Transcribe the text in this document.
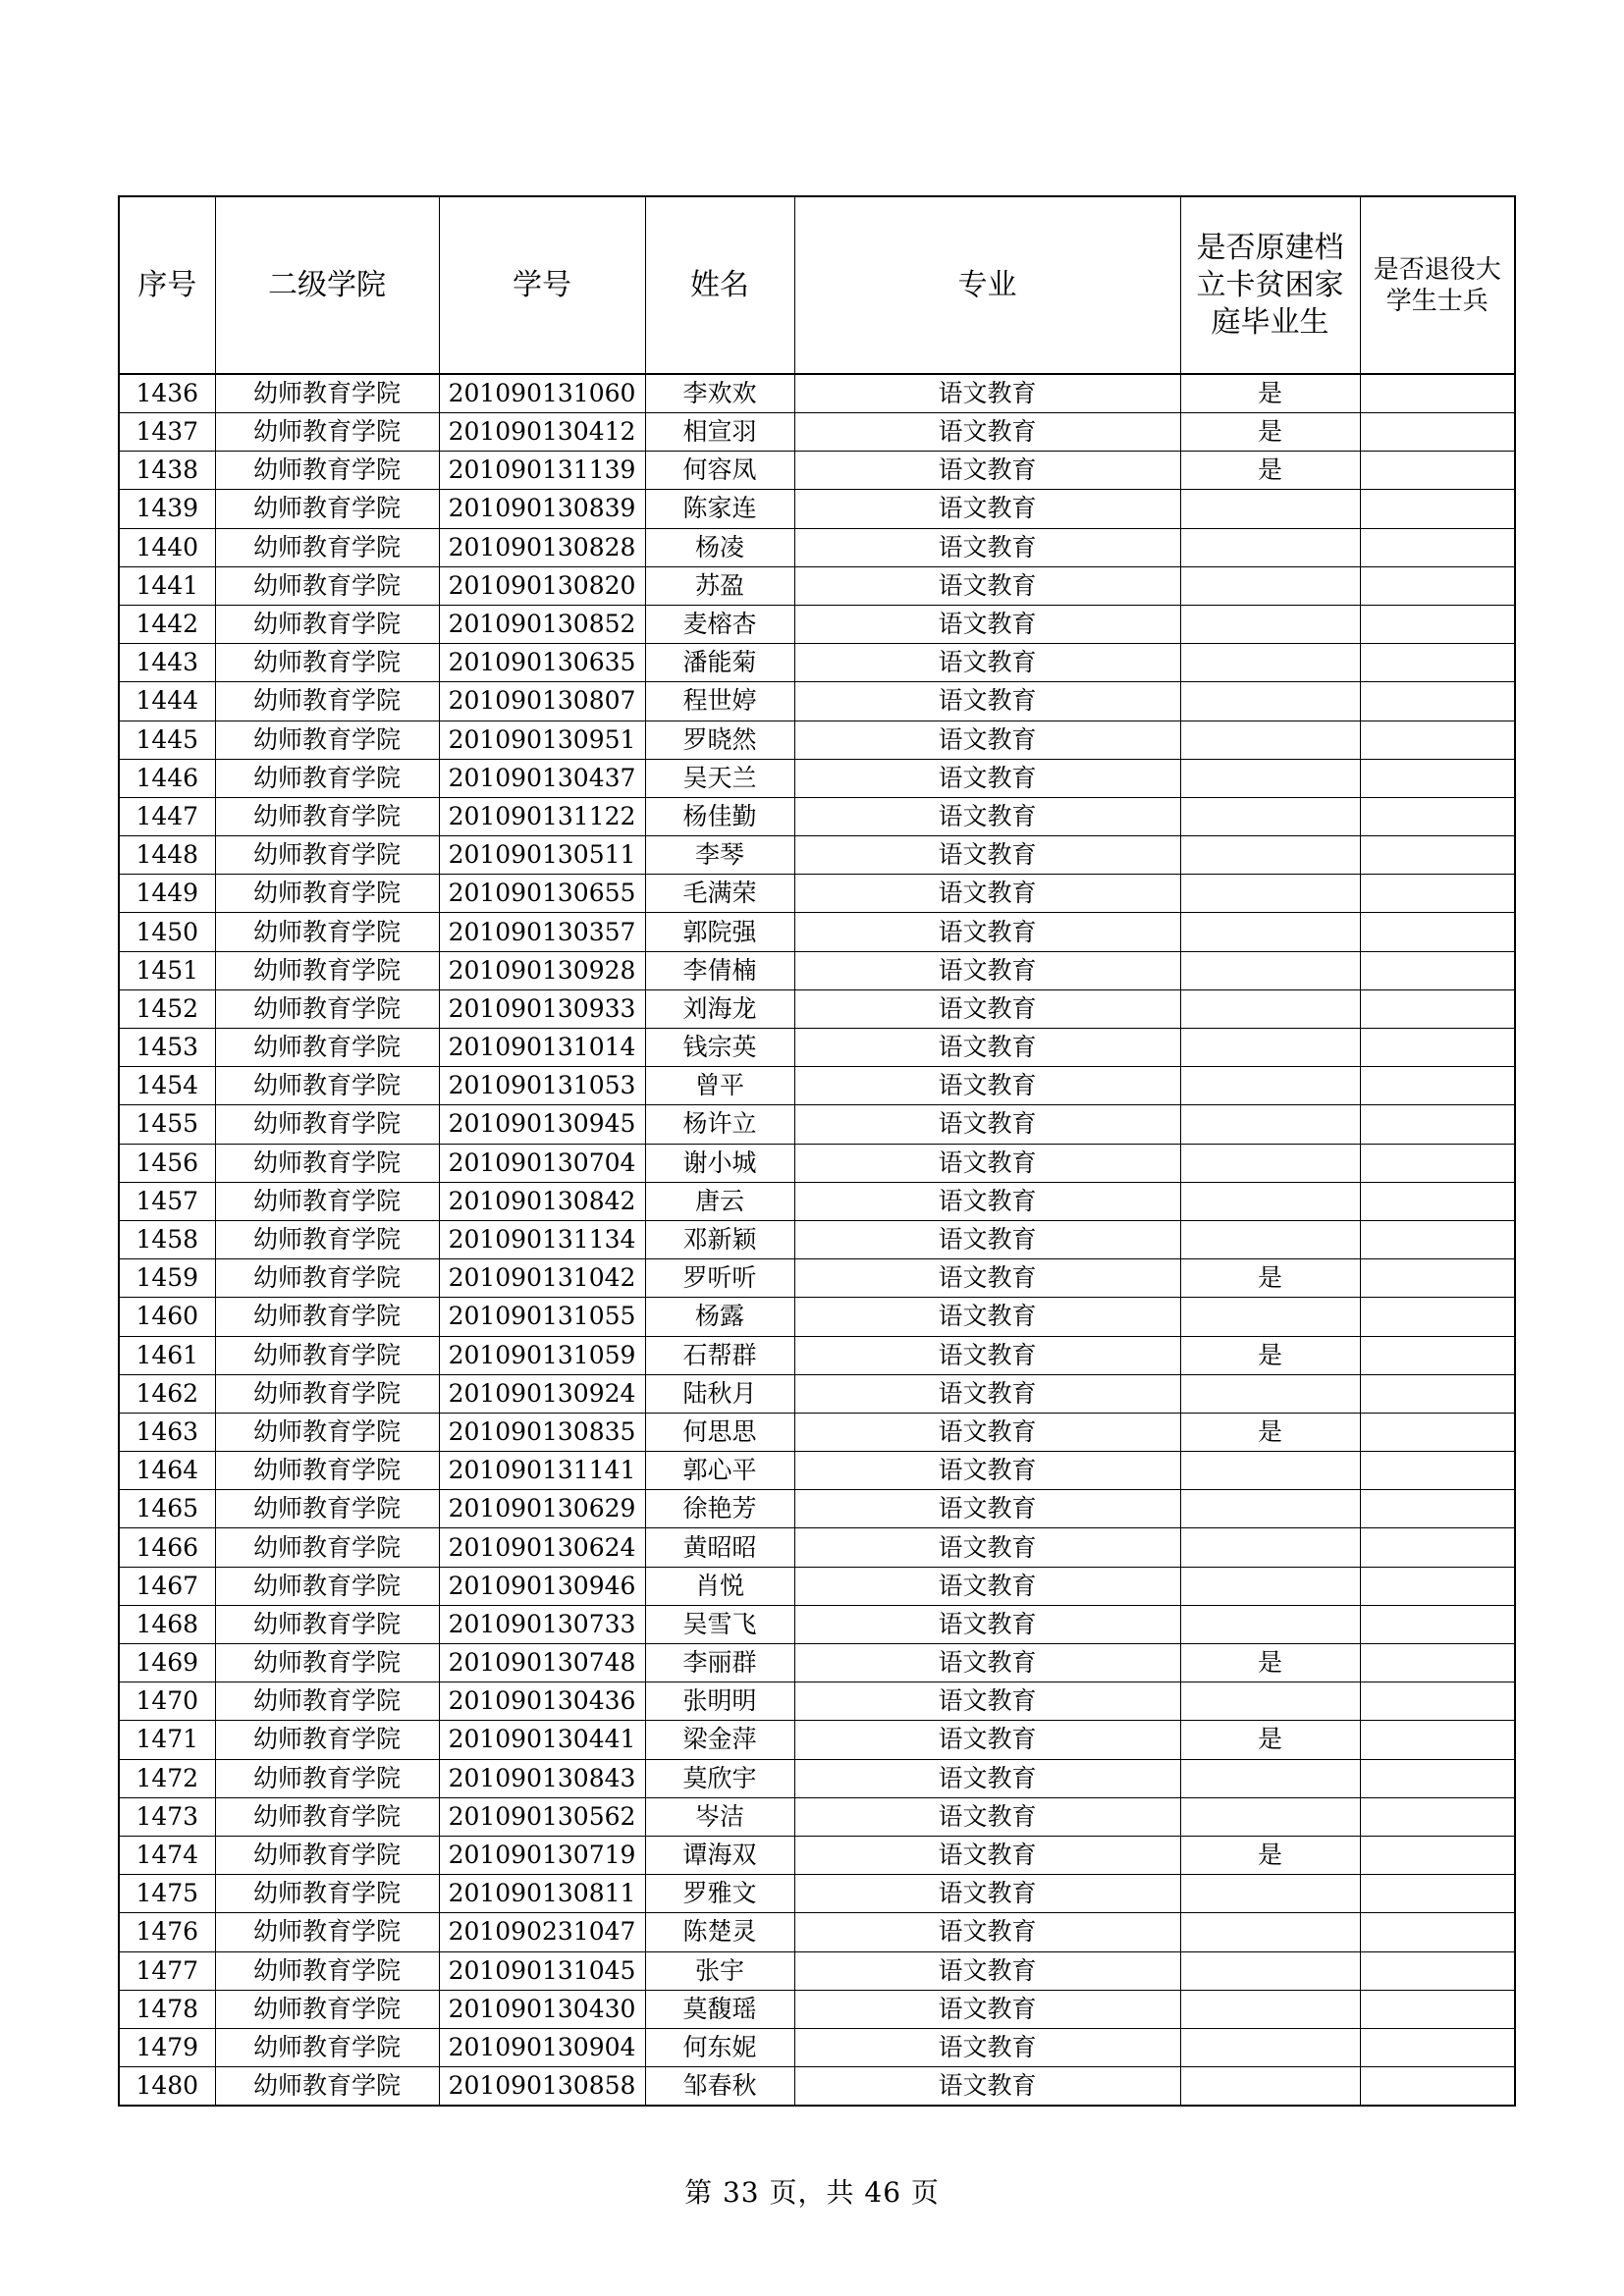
序号	二级学院	学号	姓名	专业	是否原建档立卡贫困家庭毕业生	是否退役大学生士兵
1436	幼师教育学院	201090131060	李欢欢	语文教育	是	
1437	幼师教育学院	201090130412	相宣羽	语文教育	是	
1438	幼师教育学院	201090131139	何容凤	语文教育	是	
1439	幼师教育学院	201090130839	陈家连	语文教育		
1440	幼师教育学院	201090130828	杨凌	语文教育		
1441	幼师教育学院	201090130820	苏盈	语文教育		
1442	幼师教育学院	201090130852	麦榕杏	语文教育		
1443	幼师教育学院	201090130635	潘能菊	语文教育		
1444	幼师教育学院	201090130807	程世婷	语文教育		
1445	幼师教育学院	201090130951	罗晓然	语文教育		
1446	幼师教育学院	201090130437	吴天兰	语文教育		
1447	幼师教育学院	201090131122	杨佳勤	语文教育		
1448	幼师教育学院	201090130511	李琴	语文教育		
1449	幼师教育学院	201090130655	毛满荣	语文教育		
1450	幼师教育学院	201090130357	郭院强	语文教育		
1451	幼师教育学院	201090130928	李倩楠	语文教育		
1452	幼师教育学院	201090130933	刘海龙	语文教育		
1453	幼师教育学院	201090131014	钱宗英	语文教育		
1454	幼师教育学院	201090131053	曾平	语文教育		
1455	幼师教育学院	201090130945	杨许立	语文教育		
1456	幼师教育学院	201090130704	谢小城	语文教育		
1457	幼师教育学院	201090130842	唐云	语文教育		
1458	幼师教育学院	201090131134	邓新颖	语文教育		
1459	幼师教育学院	201090131042	罗听听	语文教育	是	
1460	幼师教育学院	201090131055	杨露	语文教育		
1461	幼师教育学院	201090131059	石帮群	语文教育	是	
1462	幼师教育学院	201090130924	陆秋月	语文教育		
1463	幼师教育学院	201090130835	何思思	语文教育	是	
1464	幼师教育学院	201090131141	郭心平	语文教育		
1465	幼师教育学院	201090130629	徐艳芳	语文教育		
1466	幼师教育学院	201090130624	黄昭昭	语文教育		
1467	幼师教育学院	201090130946	肖悦	语文教育		
1468	幼师教育学院	201090130733	吴雪飞	语文教育		
1469	幼师教育学院	201090130748	李丽群	语文教育	是	
1470	幼师教育学院	201090130436	张明明	语文教育		
1471	幼师教育学院	201090130441	梁金萍	语文教育	是	
1472	幼师教育学院	201090130843	莫欣宇	语文教育		
1473	幼师教育学院	201090130562	岑洁	语文教育		
1474	幼师教育学院	201090130719	谭海双	语文教育	是	
1475	幼师教育学院	201090130811	罗雅文	语文教育		
1476	幼师教育学院	201090231047	陈楚灵	语文教育		
1477	幼师教育学院	201090131045	张宇	语文教育		
1478	幼师教育学院	201090130430	莫馥瑶	语文教育		
1479	幼师教育学院	201090130904	何东妮	语文教育		
1480	幼师教育学院	201090130858	邹春秋	语文教育		
第 33 页，共 46 页
